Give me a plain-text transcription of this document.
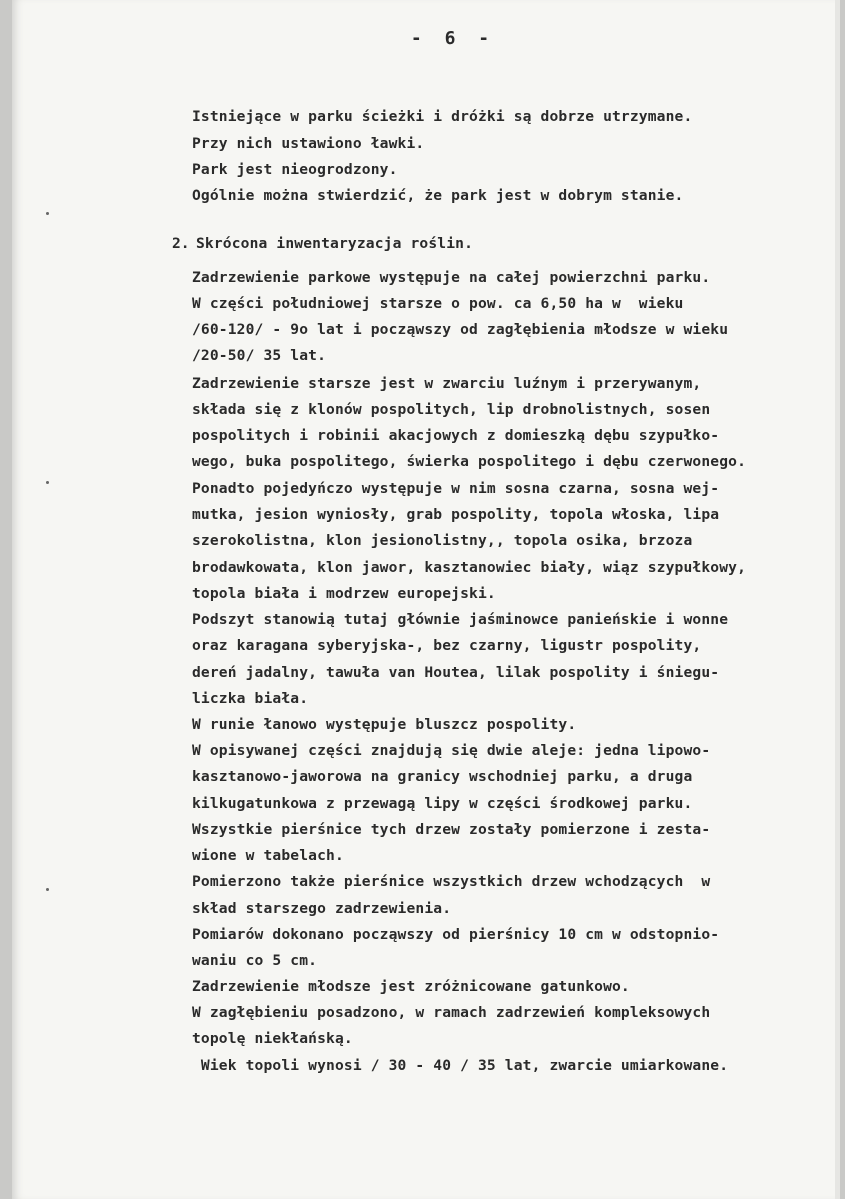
- 6 -
Istniejące w parku ścieżki i dróżki są dobrze utrzymane.
Przy nich ustawiono ławki.
Park jest nieogrodzony.
Ogólnie można stwierdzić, że park jest w dobrym stanie.
2. Skrócona inwentaryzacja roślin.
Zadrzewienie parkowe występuje na całej powierzchni parku.
W części południowej starsze o pow. ca 6,50 ha w  wieku
/60-120/ - 9o lat i począwszy od zagłębienia młodsze w wieku
/20-50/ 35 lat.
Zadrzewienie starsze jest w zwarciu luźnym i przerywanym,
składa się z klonów pospolitych, lip drobnolistnych, sosen
pospolitych i robinii akacjowych z domieszką dębu szypułko-
wego, buka pospolitego, świerka pospolitego i dębu czerwonego.
Ponadto pojedyńczo występuje w nim sosna czarna, sosna wej-
mutka, jesion wyniosły, grab pospolity, topola włoska, lipa
szerokolistna, klon jesionolistny,, topola osika, brzoza
brodawkowata, klon jawor, kasztanowiec biały, wiąz szypułkowy,
topola biała i modrzew europejski.
Podszyt stanowią tutaj głównie jaśminowce panieńskie i wonne
oraz karagana syberyjska-, bez czarny, ligustr pospolity,
dereń jadalny, tawuła van Houtea, lilak pospolity i śniegu-
liczka biała.
W runie łanowo występuje bluszcz pospolity.
W opisywanej części znajdują się dwie aleje: jedna lipowo-
kasztanowo-jaworowa na granicy wschodniej parku, a druga
kilkugatunkowa z przewagą lipy w części środkowej parku.
Wszystkie pierśnice tych drzew zostały pomierzone i zesta-
wione w tabelach.
Pomierzono także pierśnice wszystkich drzew wchodzących  w
skład starszego zadrzewienia.
Pomiarów dokonano począwszy od pierśnicy 10 cm w odstopnio-
waniu co 5 cm.
Zadrzewienie młodsze jest zróżnicowane gatunkowo.
W zagłębieniu posadzono, w ramach zadrzewień kompleksowych
topolę niekłańską.
Wiek topoli wynosi / 30 - 40 / 35 lat, zwarcie umiarkowane.
